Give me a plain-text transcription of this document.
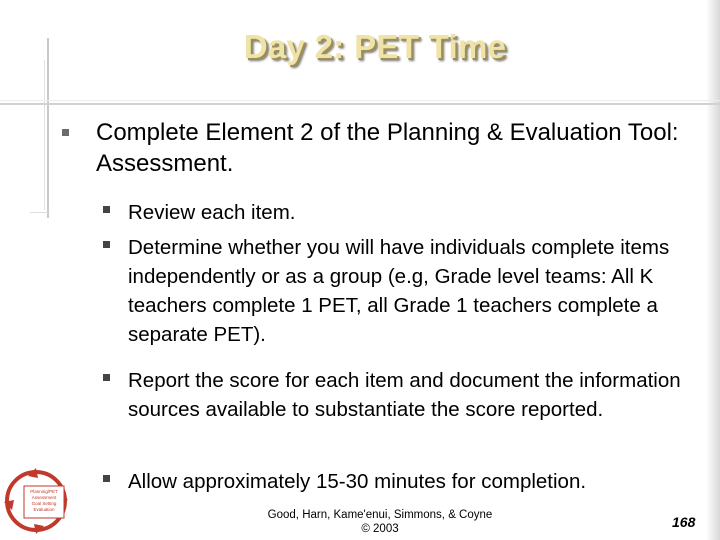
Day 2: PET Time
Complete Element 2 of the Planning & Evaluation Tool: Assessment.
Review each item.
Determine whether you will have individuals complete items independently or as a group (e.g, Grade level teams: All K teachers complete 1 PET, all Grade 1 teachers complete a separate PET).
Report the score for each item and document the information sources available to substantiate the score reported.
Allow approximately 15-30 minutes for completion.
Planning/PET
Assessment
Goal Setting
Evaluation	Good, Harn, Kame'enui, Simmons, & Coyne
© 2003	168
